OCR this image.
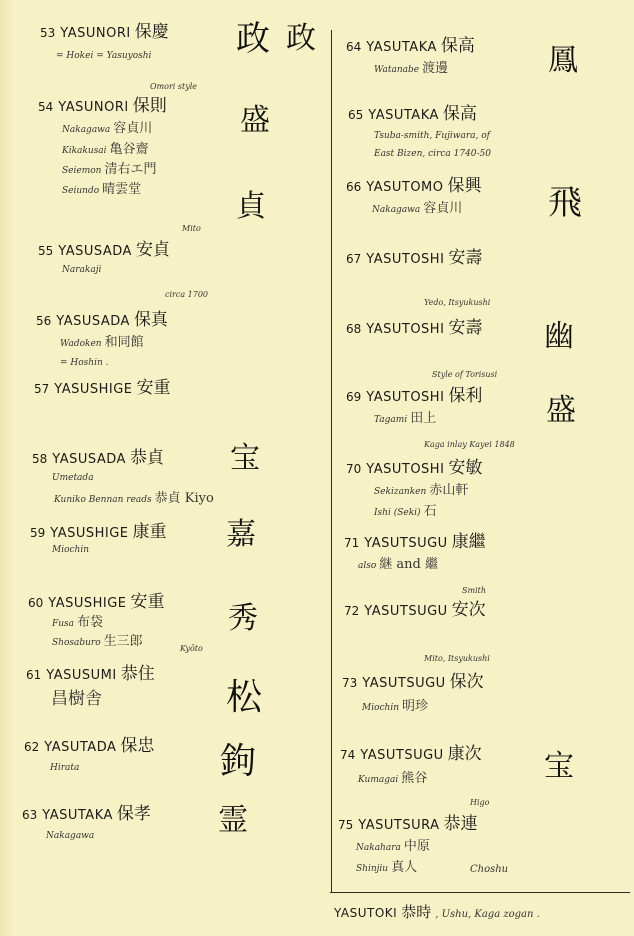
53 YASUNORI 保慶
= Hokei = Yasuyoshi
Omori style
54 YASUNORI 保則
Nakagawa 容貞川
Kikakusai 亀谷齋
Seiemon 清右エ門
Seiundo 晴雲堂
Mito
55 YASUSADA 安貞
Narakaji
circa 1700
56 YASUSADA 保真
Wadoken 和同館
= Hoshin .
57 YASUSHIGE 安重
58 YASUSADA 恭貞
Umetada
Kuniko Bennan reads 恭貞 Kiyo
59 YASUSHIGE 康重
Miochin
60 YASUSHIGE 安重
Fusa 布袋
Shosaburo 生三郎	Kyōto
61 YASUSUMI 恭住
昌樹舎
62 YASUTADA 保忠
Hirata
63 YASUTAKA 保孝
Nakagawa
政 政
盛
貞
宝
嘉
秀
松
鉤
霊
64 YASUTAKA 保高
Watanabe 渡邊
65 YASUTAKA 保高
Tsuba-smith, Fujiwara, of
East Bizen, circa 1740-50
66 YASUTOMO 保興
Nakagawa 容貞川
67 YASUTOSHI 安壽
Yedo, Itsyukushi
68 YASUTOSHI 安壽
Style of Torisusi
69 YASUTOSHI 保利
Tagami 田上
Kaga inlay Kayei 1848
70 YASUTOSHI 安敏
Sekizanken 赤山軒
Ishi (Seki) 石
71 YASUTSUGU 康繼
also 継 and 繼
Smith
72 YASUTSUGU 安次
Mito, Itsyukushi
73 YASUTSUGU 保次
Miochin 明珍
74 YASUTSUGU 康次
Kumagai 熊谷
Higo
75 YASUTSURA 恭連
Nakahara 中原
Shinjiu 真人	Choshu
鳳
飛
幽
盛
宝
YASUTOKI 恭時 , Ushu, Kaga zogan .
